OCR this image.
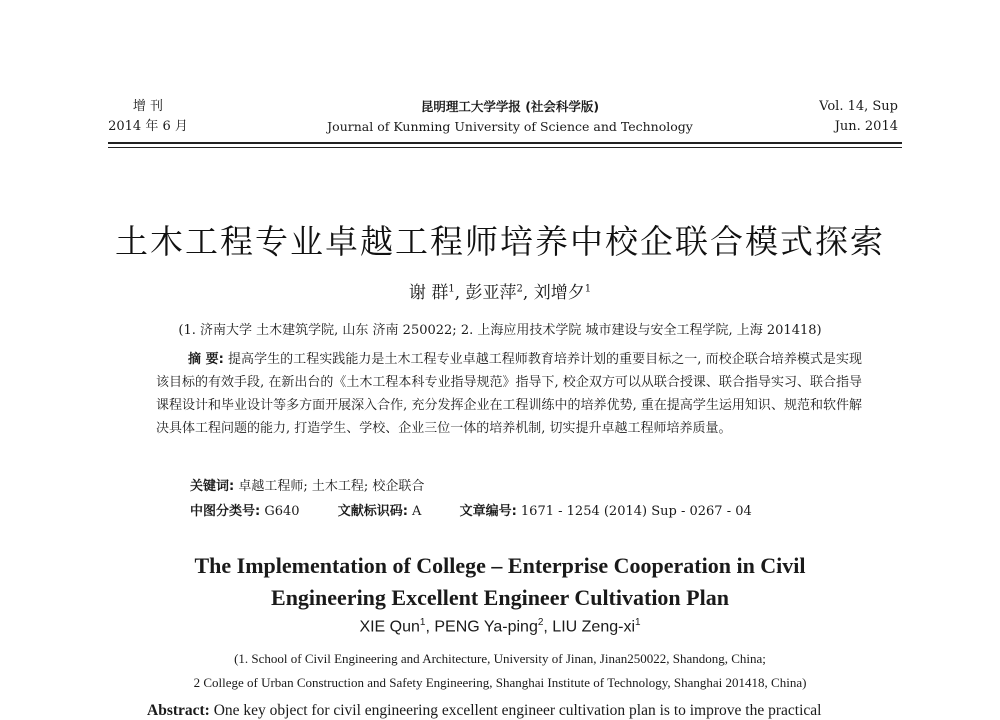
增 刊
2014 年 6 月
昆明理工大学学报 (社会科学版)
Journal of Kunming University of Science and Technology
Vol. 14, Sup
Jun. 2014
土木工程专业卓越工程师培养中校企联合模式探索
谢 群$^1$, 彭亚萍$^2$, 刘增夕$^1$
(1. 济南大学 土木建筑学院, 山东 济南 250022; 2. 上海应用技术学院 城市建设与安全工程学院, 上海 201418)
摘 要: 提高学生的工程实践能力是土木工程专业卓越工程师教育培养计划的重要目标之一, 而校企联合培养模式是实现该目标的有效手段, 在新出台的《土木工程本科专业指导规范》指导下, 校企双方可以从联合授课、联合指导实习、联合指导课程设计和毕业设计等多方面开展深入合作, 充分发挥企业在工程训练中的培养优势, 重在提高学生运用知识、规范和软件解决具体工程问题的能力, 打造学生、学校、企业三位一体的培养机制, 切实提升卓越工程师培养质量。
关键词: 卓越工程师; 土木工程; 校企联合
中图分类号: G640	文献标识码: A	文章编号: 1671 - 1254 (2014) Sup - 0267 - 04
The Implementation of College – Enterprise Cooperation in Civil
Engineering Excellent Engineer Cultivation Plan
XIE Qun$^1$, PENG Ya-ping$^2$, LIU Zeng-$xi^1$
(1. School of Civil Engineering and Architecture, University of Jinan, Jinan250022, Shandong, China;
2 College of Urban Construction and Safety Engineering, Shanghai Institute of Technology, Shanghai 201418, China)
Abstract: One key object for civil engineering excellent engineer cultivation plan is to improve the practical
